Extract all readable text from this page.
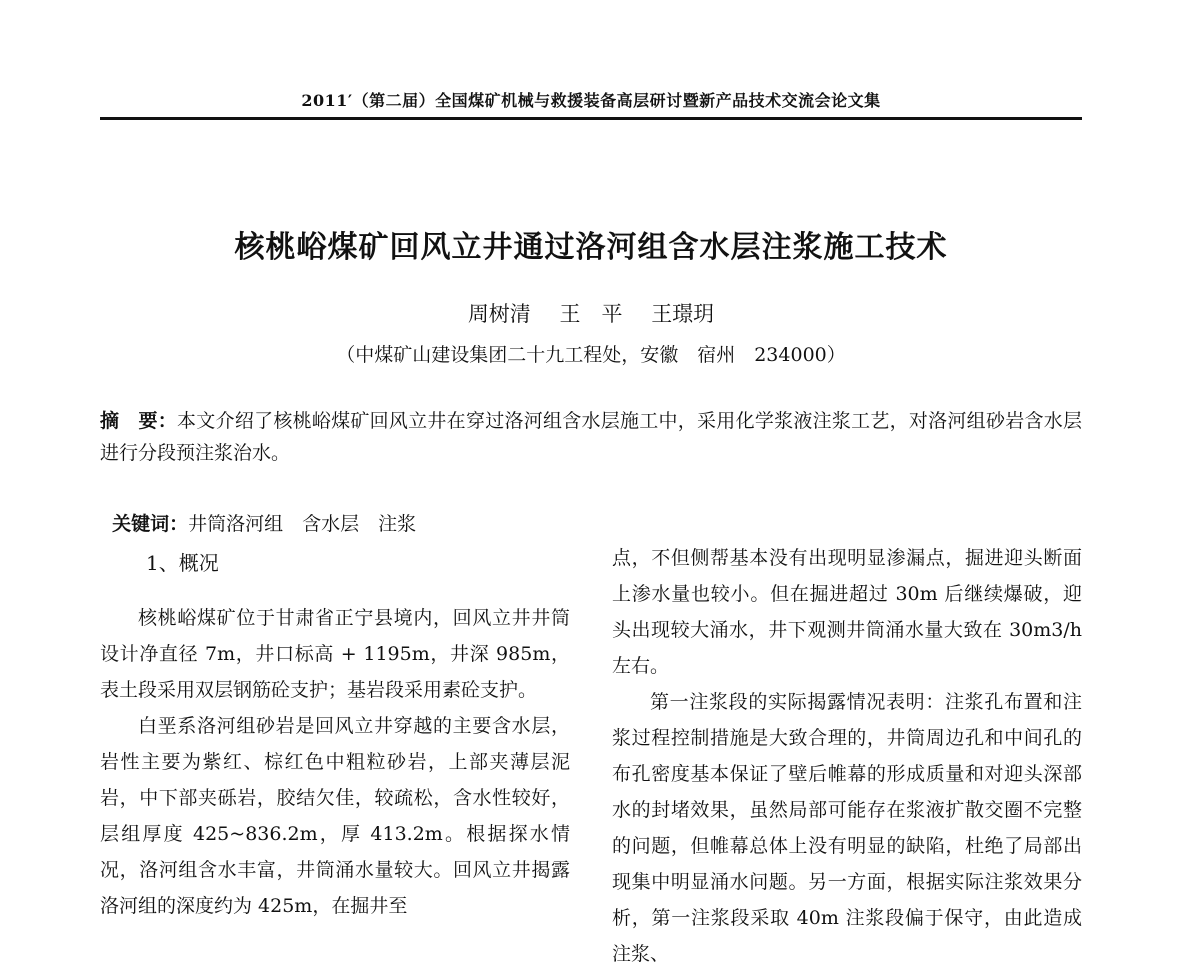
2011′（第二届）全国煤矿机械与救援装备高层研讨暨新产品技术交流会论文集
核桃峪煤矿回风立井通过洛河组含水层注浆施工技术
周树清 王　平 王璟玥
（中煤矿山建设集团二十九工程处，安徽　宿州　234000）
摘　要：本文介绍了核桃峪煤矿回风立井在穿过洛河组含水层施工中，采用化学浆液注浆工艺，对洛河组砂岩含水层进行分段预注浆治水。

关键词：井筒洛河组　含水层　注浆

1、概况

核桃峪煤矿位于甘肃省正宁县境内，回风立井井筒设计净直径 7m，井口标高 + 1195m，井深 985m，表土段采用双层钢筋砼支护；基岩段采用素砼支护。

白垩系洛河组砂岩是回风立井穿越的主要含水层，岩性主要为紫红、棕红色中粗粒砂岩，上部夹薄层泥岩，中下部夹砾岩，胶结欠佳，较疏松，含水性较好，层组厚度 425~836.2m，厚 413.2m。根据探水情况，洛河组含水丰富，井筒涌水量较大。回风立井揭露洛河组的深度约为 425m，在掘井至

点，不但侧帮基本没有出现明显渗漏点，掘进迎头断面上渗水量也较小。但在掘进超过 30m 后继续爆破，迎头出现较大涌水，井下观测井筒涌水量大致在 30m3/h 左右。

第一注浆段的实际揭露情况表明：注浆孔布置和注浆过程控制措施是大致合理的，井筒周边孔和中间孔的布孔密度基本保证了壁后帷幕的形成质量和对迎头深部水的封堵效果，虽然局部可能存在浆液扩散交圈不完整的问题，但帷幕总体上没有明显的缺陷，杜绝了局部出现集中明显涌水问题。另一方面，根据实际注浆效果分析，第一注浆段采取 40m 注浆段偏于保守，由此造成注浆、
